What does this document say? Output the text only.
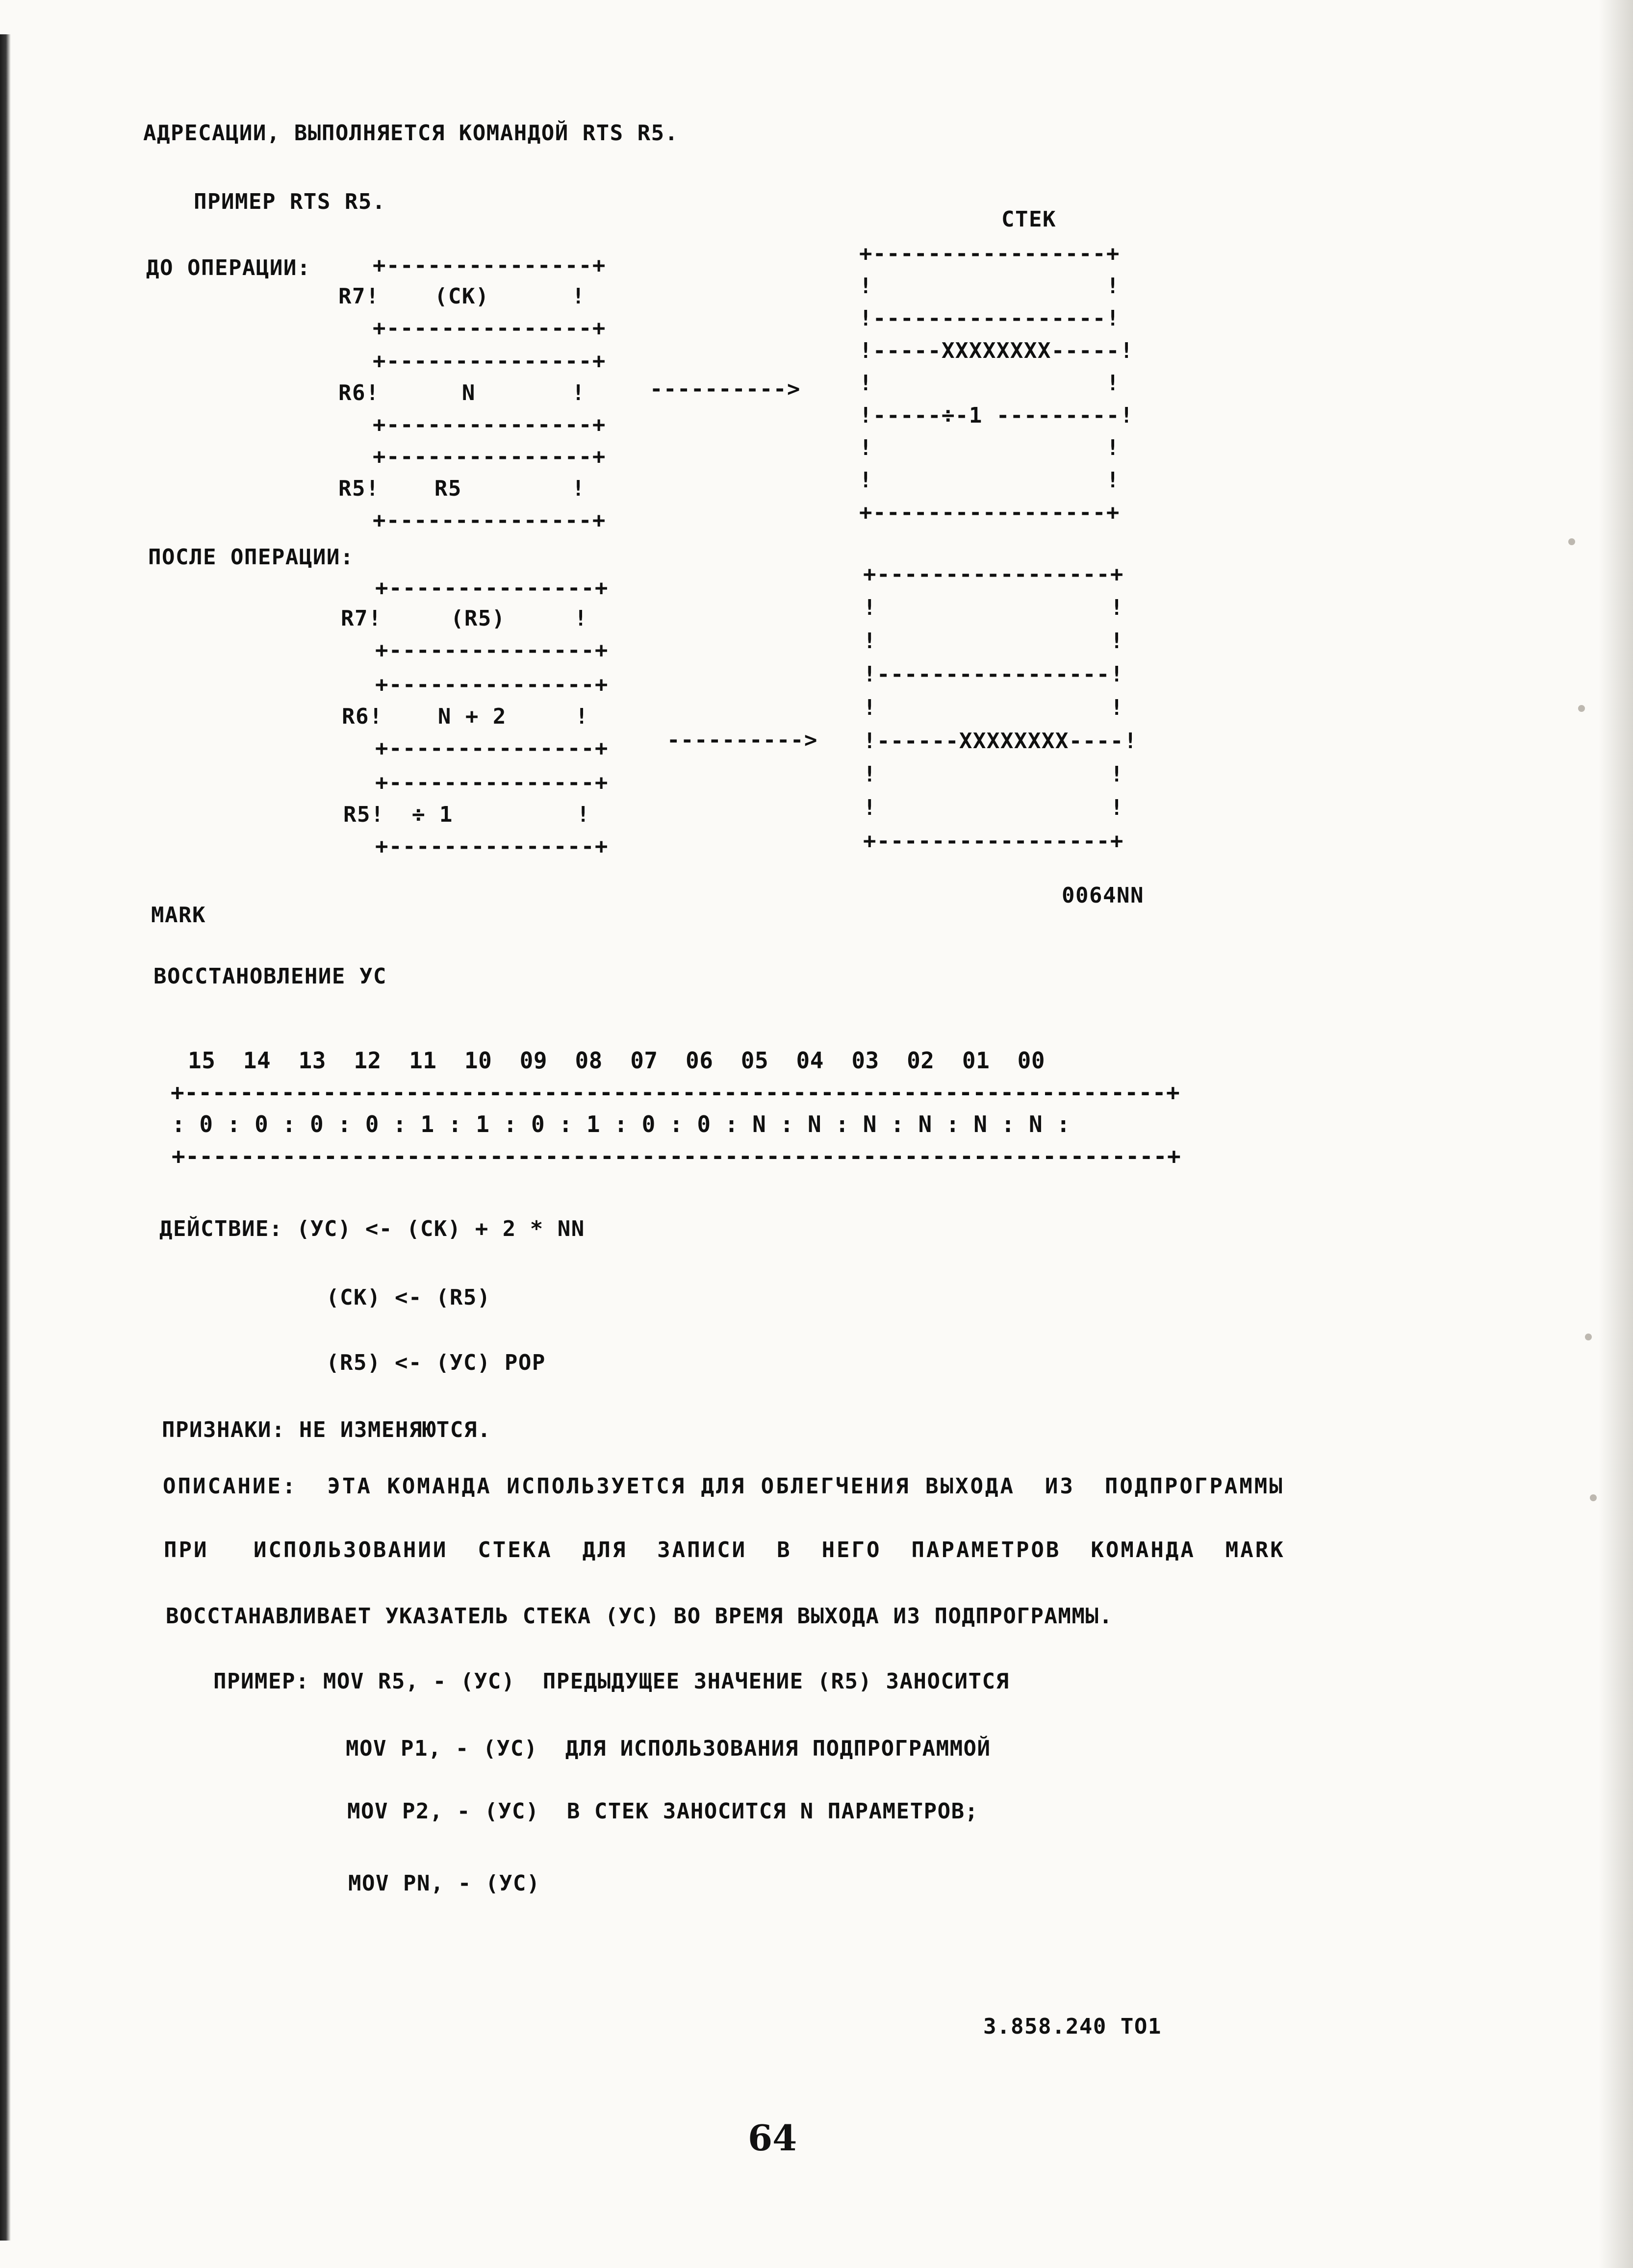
АДРЕСАЦИИ, ВЫПОЛНЯЕТСЯ КОМАНДОЙ RTS R5.
ПРИМЕР RTS R5.
СТЕК
ДО ОПЕРАЦИИ:	+---------------+
R7!    (СК)      !
+---------------+
+---------------+
R6!      N       !
+---------------+
+---------------+
R5!    R5        !
+---------------+
---------->
+-----------------+
!                 !
!-----------------!
!-----XXXXXXXX-----!
!                 !
!-----÷-1 ---------!
!                 !
!                 !
+-----------------+
ПОСЛЕ ОПЕРАЦИИ:
+---------------+
R7!     (R5)     !
+---------------+
+---------------+
R6!    N + 2     !
+---------------+
+---------------+
R5!  ÷ 1         !
+---------------+
---------->
+-----------------+
!                 !
!                 !
!-----------------!
!                 !
!------XXXXXXXX----!
!                 !
!                 !
+-----------------+
0064NN
MARK
ВОССТАНОВЛЕНИЕ УС
15  14  13  12  11  10  09  08  07  06  05  04  03  02  01  00
+-----------------------------------------------------------------------+
: 0 : 0 : 0 : 0 : 1 : 1 : 0 : 1 : 0 : 0 : N : N : N : N : N : N :
+-----------------------------------------------------------------------+
ДЕЙСТВИЕ: (УС) <- (СК) + 2 * NN
(СК) <- (R5)
(R5) <- (УС) POP
ПРИЗНАКИ: НЕ ИЗМЕНЯЮТСЯ.
ОПИСАНИЕ:  ЭТА КОМАНДА ИСПОЛЬЗУЕТСЯ ДЛЯ ОБЛЕГЧЕНИЯ ВЫХОДА  ИЗ  ПОДПРОГРАММЫ
ПРИ   ИСПОЛЬЗОВАНИИ  СТЕКА  ДЛЯ  ЗАПИСИ  В  НЕГО  ПАРАМЕТРОВ  КОМАНДА  MARK
ВОССТАНАВЛИВАЕТ УКАЗАТЕЛЬ СТЕКА (УС) ВО ВРЕМЯ ВЫХОДА ИЗ ПОДПРОГРАММЫ.
ПРИМЕР: MOV R5, - (УС)  ПРЕДЫДУЩЕЕ ЗНАЧЕНИЕ (R5) ЗАНОСИТСЯ
MOV P1, - (УС)  ДЛЯ ИСПОЛЬЗОВАНИЯ ПОДПРОГРАММОЙ
MOV P2, - (УС)  В СТЕК ЗАНОСИТСЯ N ПАРАМЕТРОВ;
MOV PN, - (УС)
3.858.240 ТО1
64
